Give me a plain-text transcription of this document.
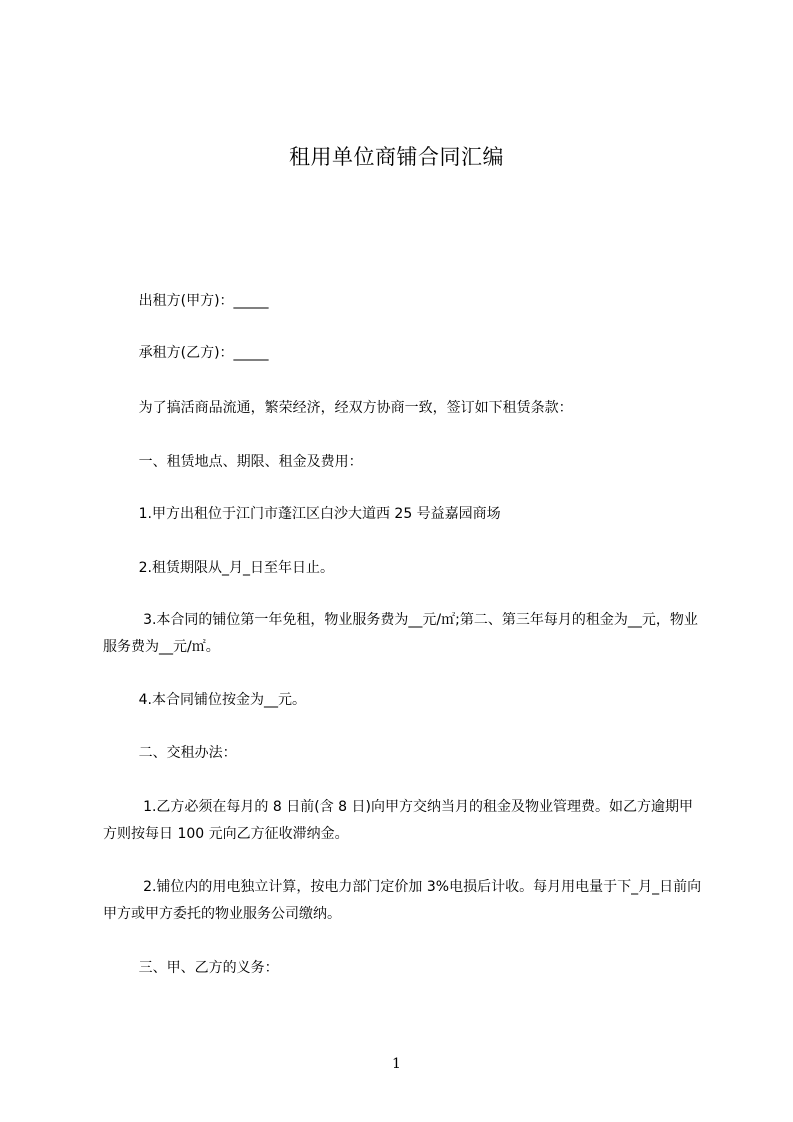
租用单位商铺合同汇编
出租方(甲方)：_____
承租方(乙方)：_____
为了搞活商品流通，繁荣经济，经双方协商一致，签订如下租赁条款：
一、租赁地点、期限、租金及费用：
1.甲方出租位于江门市蓬江区白沙大道西 25 号益嘉园商场
2.租赁期限从_月_日至年日止。
3.本合同的铺位第一年免租，物业服务费为__元/㎡;第二、第三年每月的租金为__元，物业服务费为__元/㎡。
4.本合同铺位按金为__元。
二、交租办法：
1.乙方必须在每月的 8 日前(含 8 日)向甲方交纳当月的租金及物业管理费。如乙方逾期甲方则按每日 100 元向乙方征收滞纳金。
2.铺位内的用电独立计算，按电力部门定价加 3%电损后计收。每月用电量于下_月_日前向甲方或甲方委托的物业服务公司缴纳。
三、甲、乙方的义务：
1
